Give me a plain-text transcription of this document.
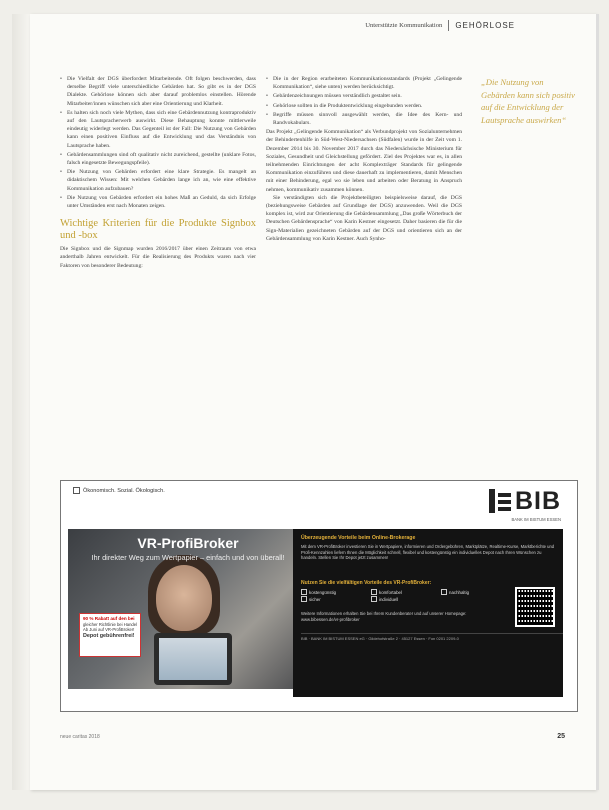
Unterstützte Kommunikation GEHÖRLOSE
• Die Vielfalt der DGS überfordert Mitarbeitende. Oft folgen beschwerden, dass derselbe Begriff viele unterschiedliche Gebärden hat. So gibt es in der DGS Dialekte. Gehörlose können sich aber darauf problemlos einstellen. Hörende Mitarbeiter/innen wünschen sich aber eine Orientierung und Klarheit.
• Es halten sich noch viele Mythen, dass sich eine Gebärdennutzung kontraproduktiv auf den Lautspracherwerb auswirkt. Diese Behauptung konnte mittlerweile eindeutig widerlegt werden. Das Gegenteil ist der Fall: Die Nutzung von Gebärden kann einen positiven Einfluss auf die Entwicklung und das Verständnis von Lautsprache haben.
• Gebärdensammlungen sind oft qualitativ nicht zureichend, gestellte (unklare Fotos, falsch eingesetzte Bewegungspfeile).
• Die Nutzung von Gebärden erfordert eine klare Strategie. Es mangelt an didaktischem Wissen: Mit welchen Gebärden lange ich an, wie eine effektive Kommunikation aufzubauen?
• Die Nutzung von Gebärden erfordert ein hohes Maß an Geduld, da sich Erfolge unter Umständen erst nach Monaten zeigen.
Wichtige Kriterien für die Produkte Signbox und -box

Die Signbox und die Signmap wurden 2016/2017 über einen Zeitraum von etwa anderthalb Jahren entwickelt. Für die Realisierung des Produkts waren nach vier Faktoren von besonderer Bedeutung:

• Die in der Region erarbeiteten Kommunikationsstandards (Projekt „Gelingende Kommunikation“, siehe unten) werden berücksichtigt.
• Gebärdenzeichnungen müssen verständlich gestaltet sein.
• Gehörlose sollten in die Produktentwicklung eingebunden werden.
• Begriffe müssen sinnvoll ausgewählt werden, die Idee des Kern- und Randvokabulars.

Das Projekt „Gelingende Kommunikation“ als Verbundprojekt von Sozialunternehmen der Behindertenhilfe in Süd-West-Niedersachsen (Südfalen) wurde in der Zeit vom 1. Dezember 2014 bis 30. November 2017 durch das Niedersächsische Ministerium für Soziales, Gesundheit und Gleichstellung gefördert. Ziel des Projektes war es, in allen teilnehmenden Einrichtungen der acht Komplexträger Standards für gelingende Kommunikation einzuführen und diese dauerhaft zu implementieren, damit Menschen mit einer Behinderung, egal wo sie leben und arbeiten oder Beratung in Anspruch nehmen, kommunikativ zusammen können.

Sie verständigten sich die Projektbeteiligten beispielsweise darauf, die DGS (beziehungsweise Gebärden auf Grundlage der DGS) anzuwenden. Weil die DGS komplex ist, wird zur Orientierung die Gebärdensammlung „Das große Wörterbuch der Deutschen Gebärdensprache“ von Karin Kestner eingesetzt. Daher basieren die für die Sign-Materialien gezeichneten Gebärden auf der DGS und orientieren sich an der Gebärdensammlung von Karin Kestner. Auch Synho-

„Die Nutzung von Gebärden kann sich positiv auf die Entwicklung der Lautsprache auswirken“
Ökonomisch. Sozial. Ökologisch.	BIB
BANK IM BISTUM ESSEN
VR-ProfiBroker
Ihr direkter Weg zum Wertpapier – einfach und von überall!
90 % Rabatt auf den bei
gleicher Richtlinie bei Handel
Ab Juni auf VR-ProfiBroker!
Depot gebührenfrei!
Überzeugende Vorteile beim Online-Brokerage
Mit dem VR-ProfiBroker investieren Sie in Wertpapiere, informieren und Ordergebühren, Marktplätze, Realtime-Kurse, Marktberichte und Profi-Kennzahlen liefern Ihnen die Möglichkeit schnell, flexibel und kostengünstig ein individuelles Depot nach Ihren Wünschen zu handeln. Stellen Sie Ihr Depot jetzt zusammen!
Nutzen Sie die vielfältigen Vorteile des VR-ProfiBroker:
kostengünstig	komfortabel	nachhaltig
sicher	individuell
Weitere Informationen erhalten Sie bei Ihrem Kundenberater und auf unserer Homepage: www.bibessen.de/vr-profibroker
BIB · BANK IM BISTUM ESSEN eG · Gildehofstraße 2 · 45127 Essen · Fon 0201 2209-0
neue caritas 2018	25
